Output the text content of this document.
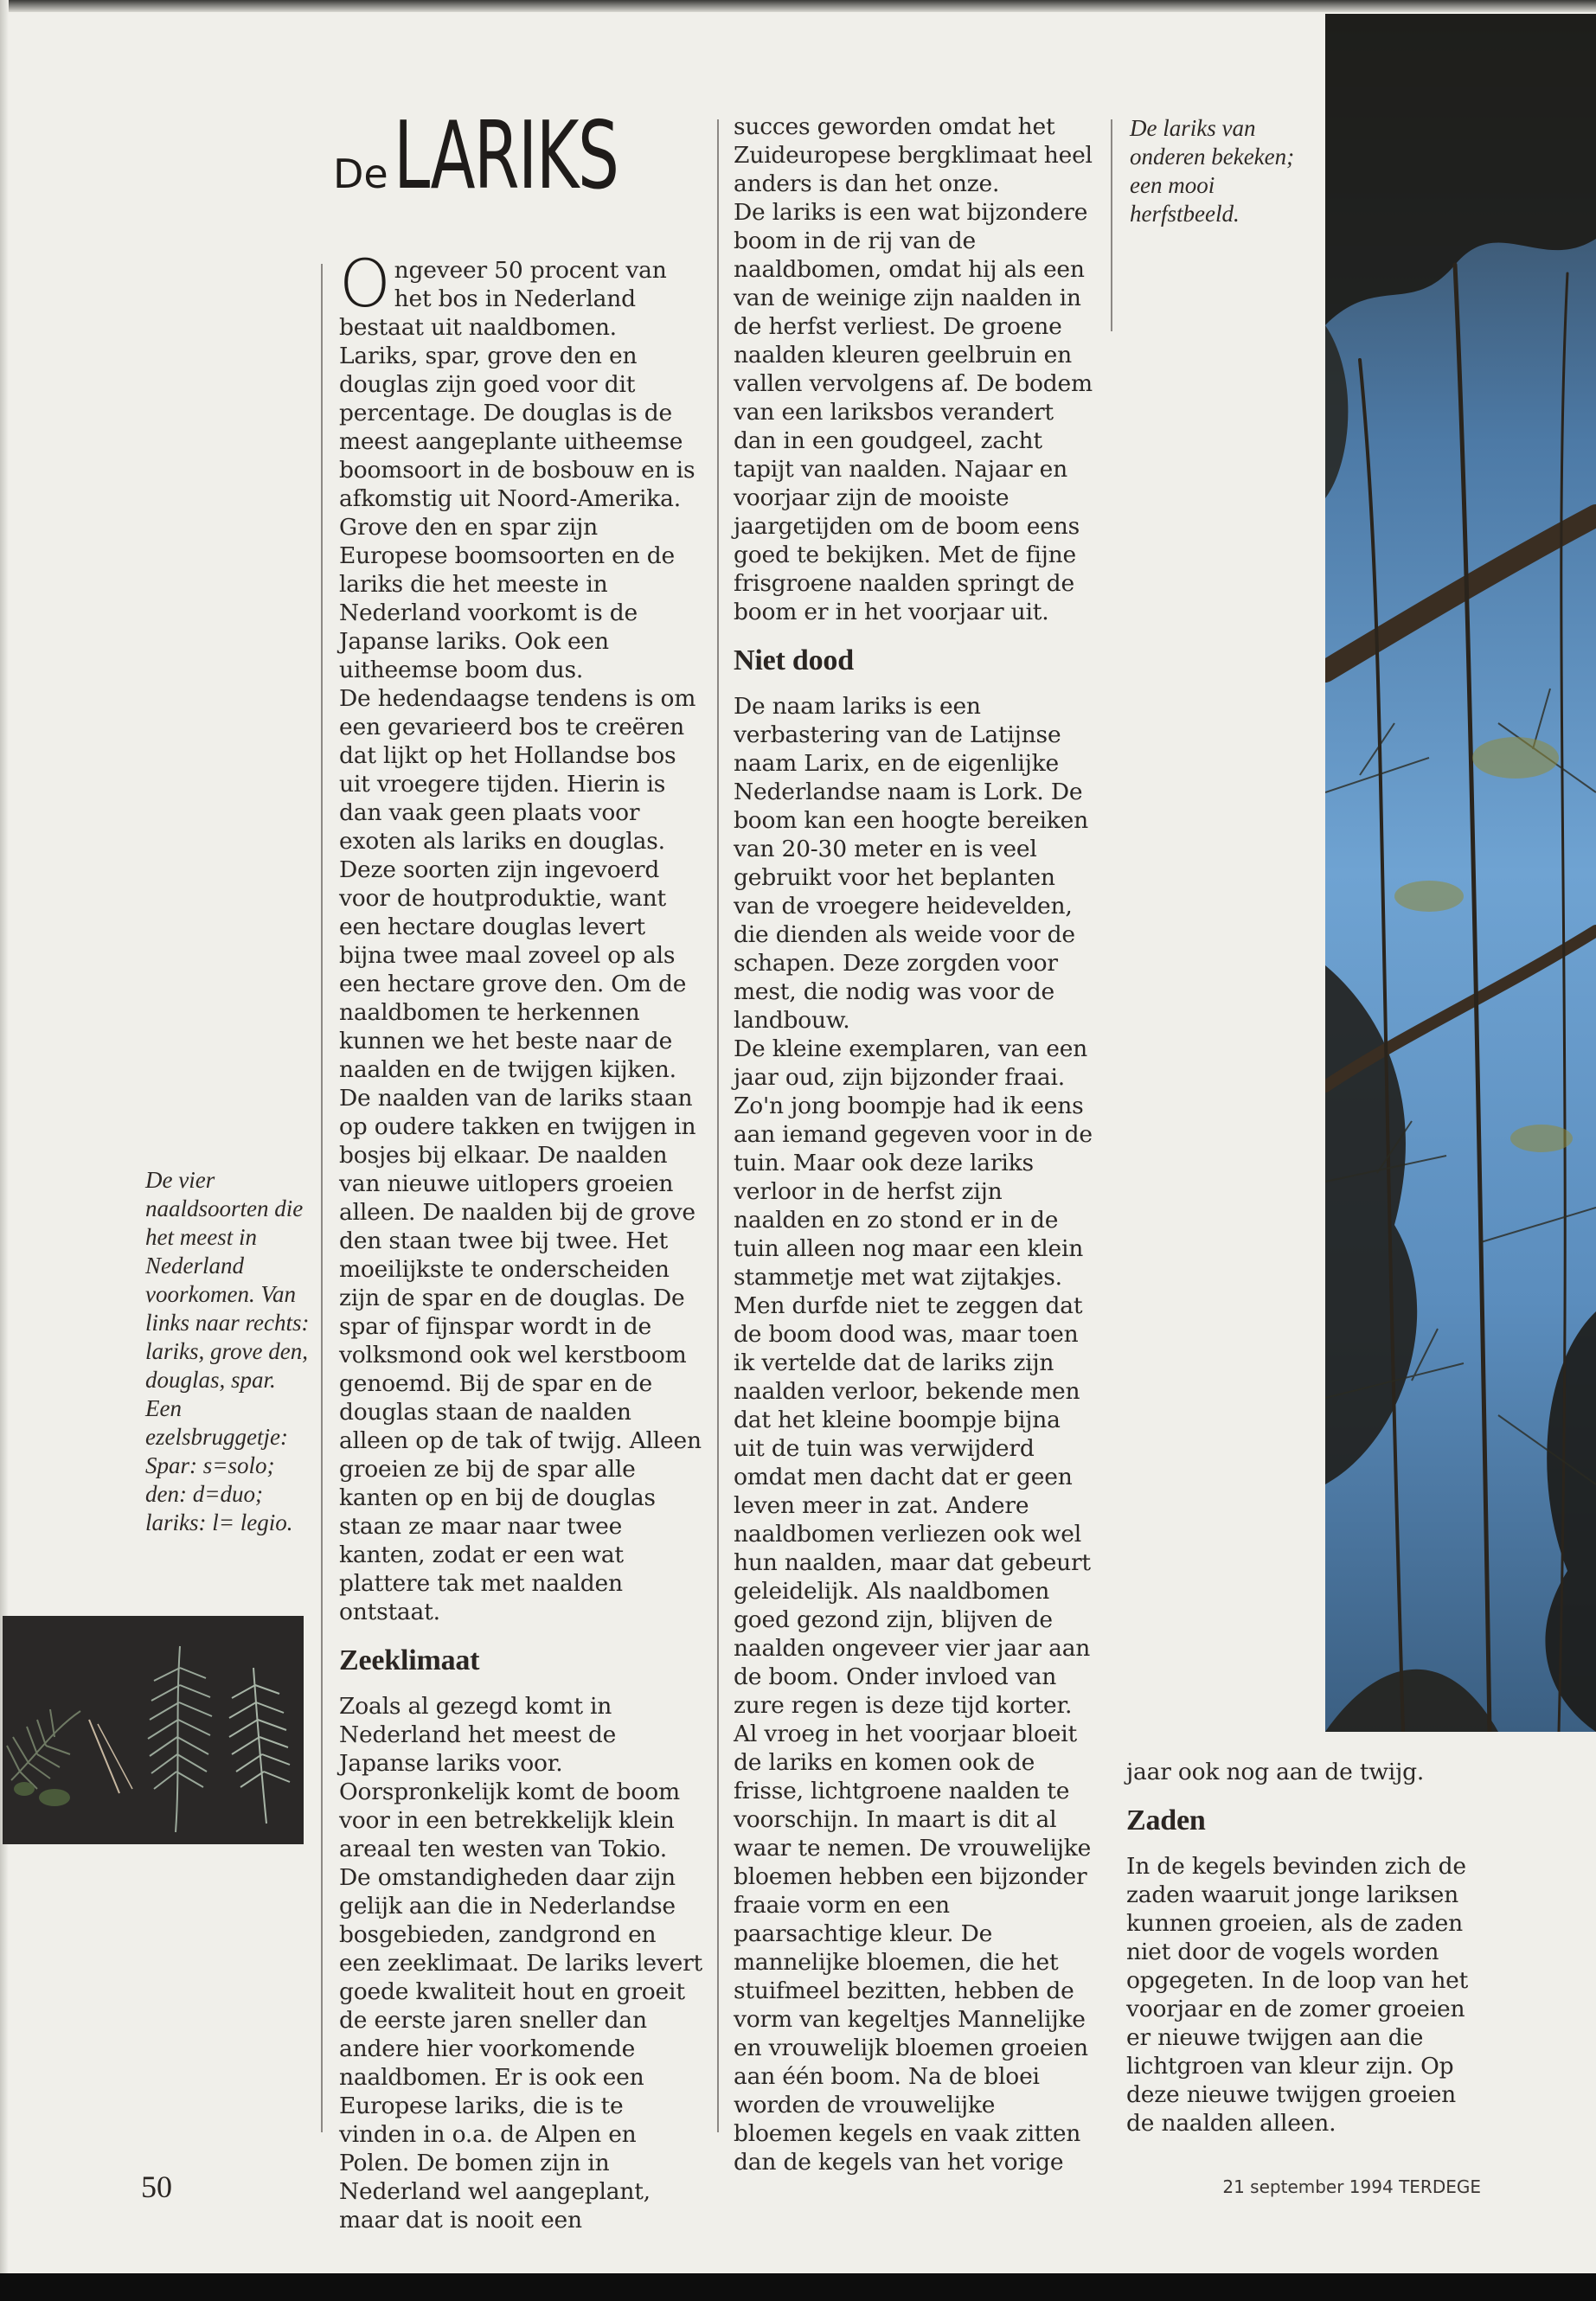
DeLARIKS

Ongeveer 50 procent van het bos in Nederland bestaat uit naaldbomen. Lariks, spar, grove den en douglas zijn goed voor dit percentage. De douglas is de meest aangeplante uitheemse boomsoort in de bosbouw en is afkomstig uit Noord-Amerika. Grove den en spar zijn Europese boomsoorten en de lariks die het meeste in Nederland voorkomt is de Japanse lariks. Ook een uitheemse boom dus.

De hedendaagse tendens is om een gevarieerd bos te creëren dat lijkt op het Hollandse bos uit vroegere tijden. Hierin is dan vaak geen plaats voor exoten als lariks en douglas. Deze soorten zijn ingevoerd voor de houtproduktie, want een hectare douglas levert bijna twee maal zoveel op als een hectare grove den. Om de naaldbomen te herkennen kunnen we het beste naar de naalden en de twijgen kijken. De naalden van de lariks staan op oudere takken en twijgen in bosjes bij elkaar. De naalden van nieuwe uitlopers groeien alleen. De naalden bij de grove den staan twee bij twee. Het moeilijkste te onderscheiden zijn de spar en de douglas. De spar of fijnspar wordt in de volksmond ook wel kerstboom genoemd. Bij de spar en de douglas staan de naalden alleen op de tak of twijg. Alleen groeien ze bij de spar alle kanten op en bij de douglas staan ze maar naar twee kanten, zodat er een wat plattere tak met naalden ontstaat.

Zeeklimaat

Zoals al gezegd komt in Nederland het meest de Japanse lariks voor. Oorspronkelijk komt de boom voor in een betrekkelijk klein areaal ten westen van Tokio. De omstandigheden daar zijn gelijk aan die in Nederlandse bosgebieden, zandgrond en een zeeklimaat. De lariks levert goede kwaliteit hout en groeit de eerste jaren sneller dan andere hier voorkomende naaldbomen. Er is ook een Europese lariks, die is te vinden in o.a. de Alpen en Polen. De bomen zijn in Nederland wel aangeplant, maar dat is nooit een

succes geworden omdat het Zuideuropese bergklimaat heel anders is dan het onze.

De lariks is een wat bijzondere boom in de rij van de naaldbomen, omdat hij als een van de weinige zijn naalden in de herfst verliest. De groene naalden kleuren geelbruin en vallen vervolgens af. De bodem van een lariksbos verandert dan in een goudgeel, zacht tapijt van naalden. Najaar en voorjaar zijn de mooiste jaargetijden om de boom eens goed te bekijken. Met de fijne frisgroene naalden springt de boom er in het voorjaar uit.

Niet dood

De naam lariks is een verbastering van de Latijnse naam Larix, en de eigenlijke Nederlandse naam is Lork. De boom kan een hoogte bereiken van 20-30 meter en is veel gebruikt voor het beplanten van de vroegere heidevelden, die dienden als weide voor de schapen. Deze zorgden voor mest, die nodig was voor de landbouw.

De kleine exemplaren, van een jaar oud, zijn bijzonder fraai. Zo'n jong boompje had ik eens aan iemand gegeven voor in de tuin. Maar ook deze lariks verloor in de herfst zijn naalden en zo stond er in de tuin alleen nog maar een klein stammetje met wat zijtakjes. Men durfde niet te zeggen dat de boom dood was, maar toen ik vertelde dat de lariks zijn naalden verloor, bekende men dat het kleine boompje bijna uit de tuin was verwijderd omdat men dacht dat er geen leven meer in zat. Andere naaldbomen verliezen ook wel hun naalden, maar dat gebeurt geleidelijk. Als naaldbomen goed gezond zijn, blijven de naalden ongeveer vier jaar aan de boom. Onder invloed van zure regen is deze tijd korter.

Al vroeg in het voorjaar bloeit de lariks en komen ook de frisse, lichtgroene naalden te voorschijn. In maart is dit al waar te nemen. De vrouwelijke bloemen hebben een bijzonder fraaie vorm en een paarsachtige kleur. De mannelijke bloemen, die het stuifmeel bezitten, hebben de vorm van kegeltjes Mannelijke en vrouwelijk bloemen groeien aan één boom. Na de bloei worden de vrouwelijke bloemen kegels en vaak zitten dan de kegels van het vorige

jaar ook nog aan de twijg.

Zaden

In de kegels bevinden zich de zaden waaruit jonge lariksen kunnen groeien, als de zaden niet door de vogels worden opgegeten. In de loop van het voorjaar en de zomer groeien er nieuwe twijgen aan die lichtgroen van kleur zijn. Op deze nieuwe twijgen groeien de naalden alleen.

De lariks van onderen bekeken; een mooi herfstbeeld.
De vier naaldsoorten die het meest in Nederland voorkomen. Van links naar rechts: lariks, grove den, douglas, spar. Een ezelsbruggetje: Spar: s=solo; den: d=duo; lariks: l= legio.
50	21 september 1994 TERDEGE
